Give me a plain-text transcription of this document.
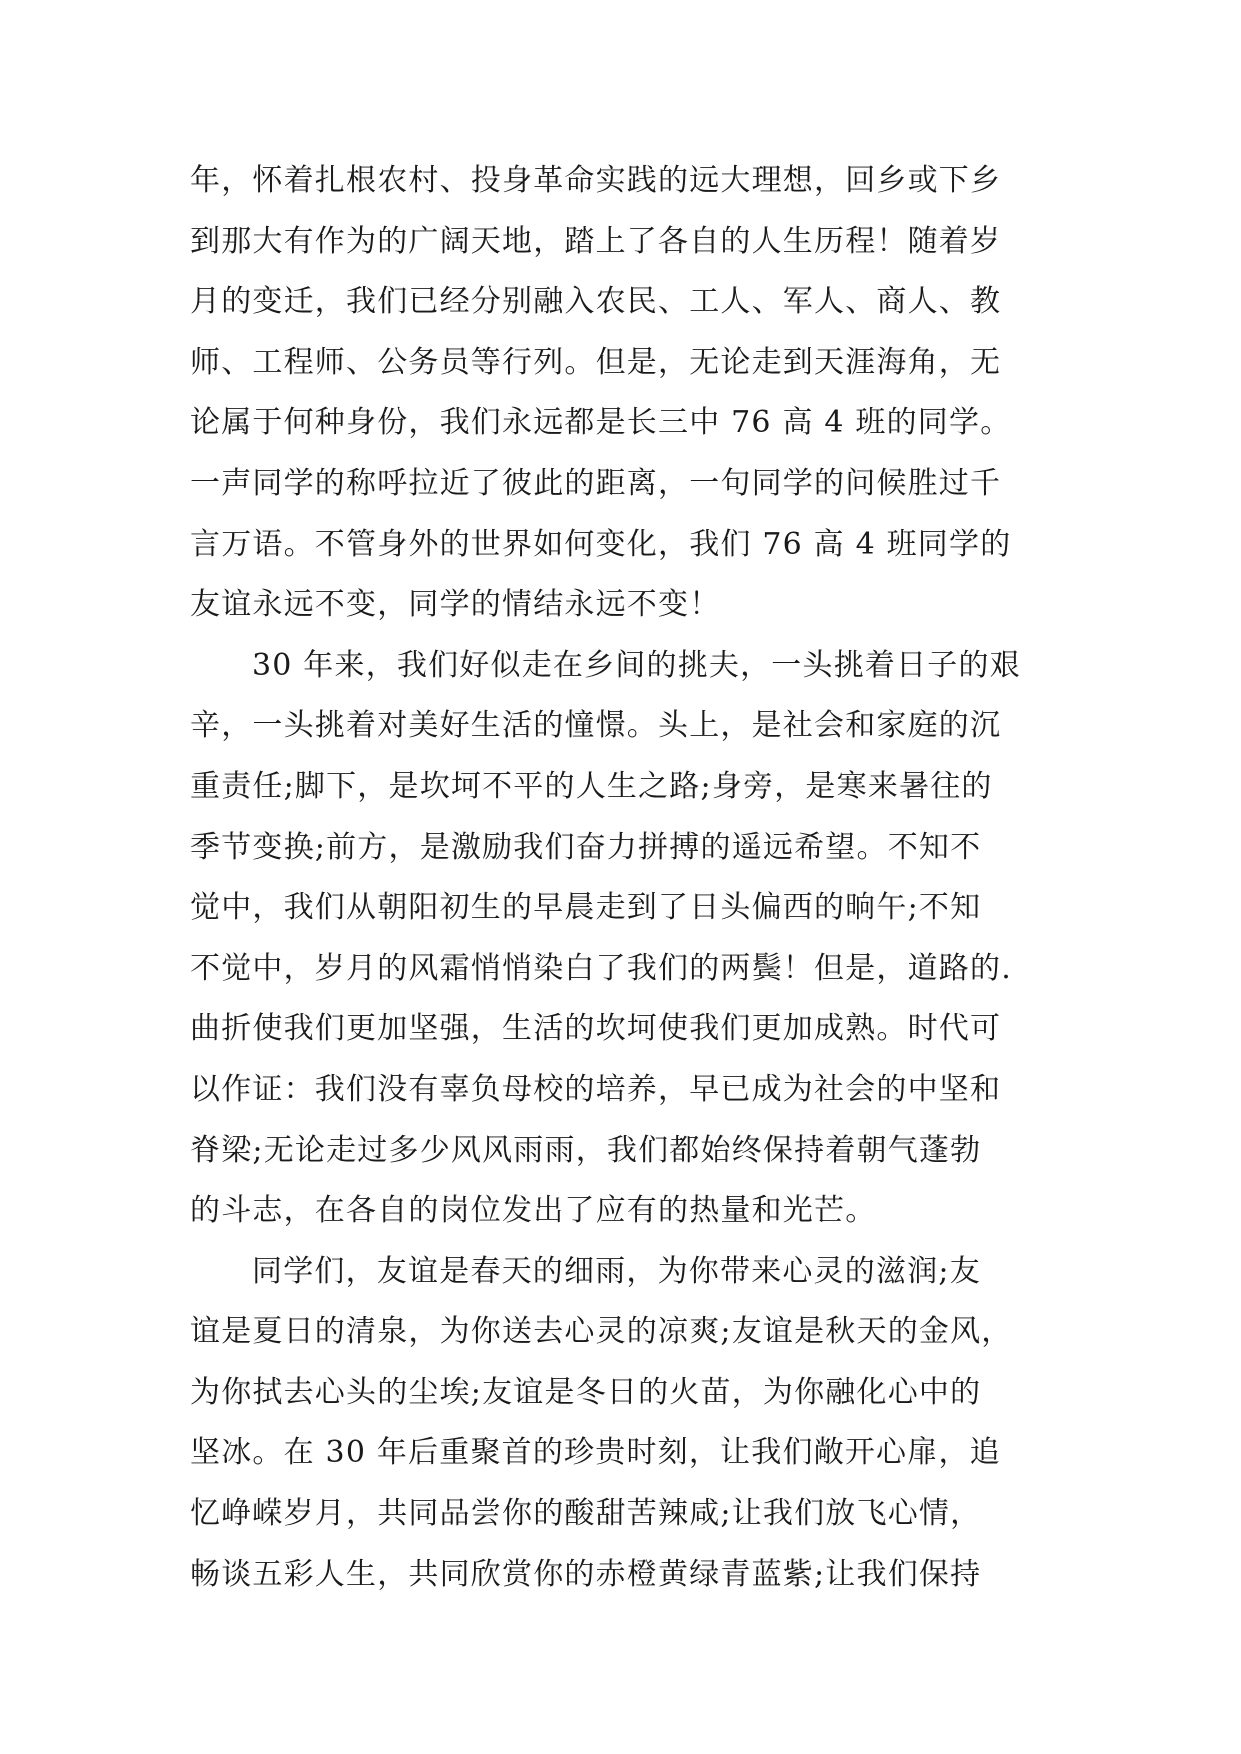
年，怀着扎根农村、投身革命实践的远大理想，回乡或下乡
到那大有作为的广阔天地，踏上了各自的人生历程！随着岁
月的变迁，我们已经分别融入农民、工人、军人、商人、教
师、工程师、公务员等行列。但是，无论走到天涯海角，无
论属于何种身份，我们永远都是长三中 76 高 4 班的同学。
一声同学的称呼拉近了彼此的距离，一句同学的问候胜过千
言万语。不管身外的世界如何变化，我们 76 高 4 班同学的
友谊永远不变，同学的情结永远不变！
30 年来，我们好似走在乡间的挑夫，一头挑着日子的艰
辛，一头挑着对美好生活的憧憬。头上，是社会和家庭的沉
重责任;脚下，是坎坷不平的人生之路;身旁，是寒来暑往的
季节变换;前方，是激励我们奋力拼搏的遥远希望。不知不
觉中，我们从朝阳初生的早晨走到了日头偏西的晌午;不知
不觉中，岁月的风霜悄悄染白了我们的两鬓！但是，道路的.
曲折使我们更加坚强，生活的坎坷使我们更加成熟。时代可
以作证：我们没有辜负母校的培养，早已成为社会的中坚和
脊梁;无论走过多少风风雨雨，我们都始终保持着朝气蓬勃
的斗志，在各自的岗位发出了应有的热量和光芒。
同学们，友谊是春天的细雨，为你带来心灵的滋润;友
谊是夏日的清泉，为你送去心灵的凉爽;友谊是秋天的金风，
为你拭去心头的尘埃;友谊是冬日的火苗，为你融化心中的
坚冰。在 30 年后重聚首的珍贵时刻，让我们敞开心扉，追
忆峥嵘岁月，共同品尝你的酸甜苦辣咸;让我们放飞心情，
畅谈五彩人生，共同欣赏你的赤橙黄绿青蓝紫;让我们保持
